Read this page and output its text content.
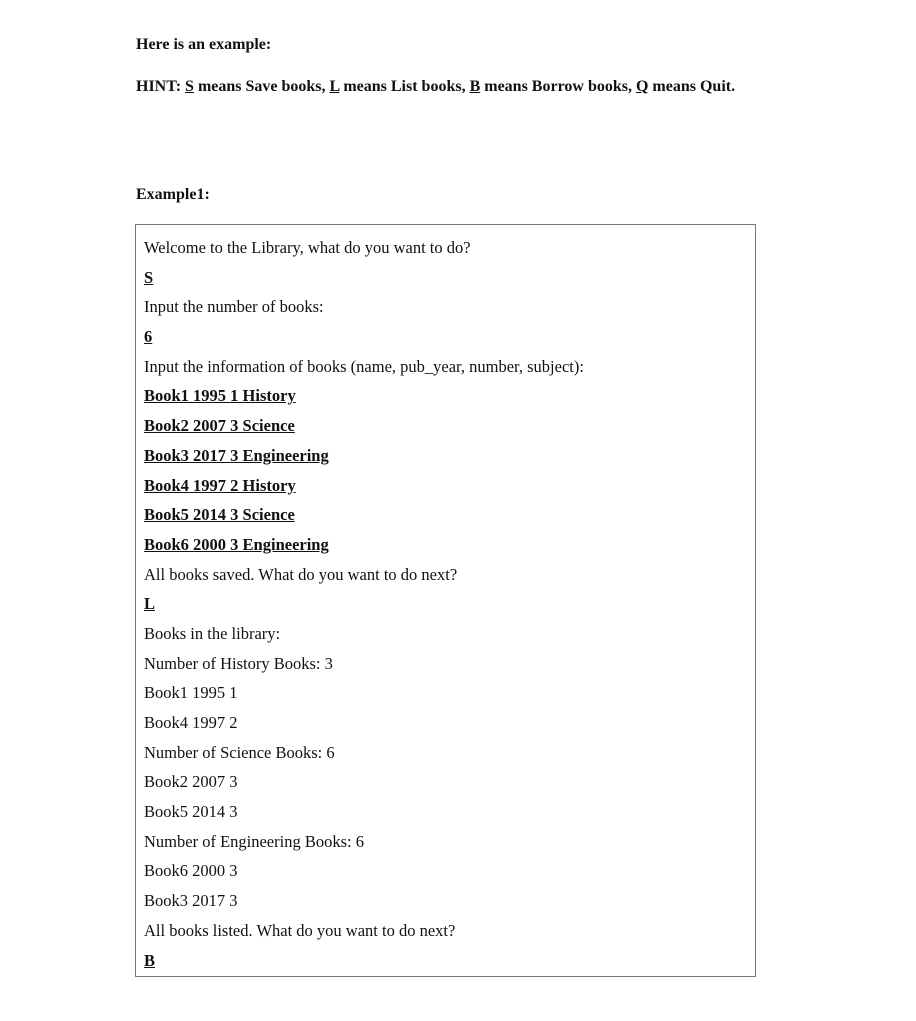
Here is an example:

HINT: S means Save books, L means List books, B means Borrow books, Q means Quit.

Example1:

Welcome to the Library, what do you want to do?
S
Input the number of books:
6
Input the information of books (name, pub_year, number, subject):
Book1 1995 1 History
Book2 2007 3 Science
Book3 2017 3 Engineering
Book4 1997 2 History
Book5 2014 3 Science
Book6 2000 3 Engineering
All books saved. What do you want to do next?
L
Books in the library:
Number of History Books: 3
Book1 1995 1
Book4 1997 2
Number of Science Books: 6
Book2 2007 3
Book5 2014 3
Number of Engineering Books: 6
Book6 2000 3
Book3 2017 3
All books listed. What do you want to do next?
B
